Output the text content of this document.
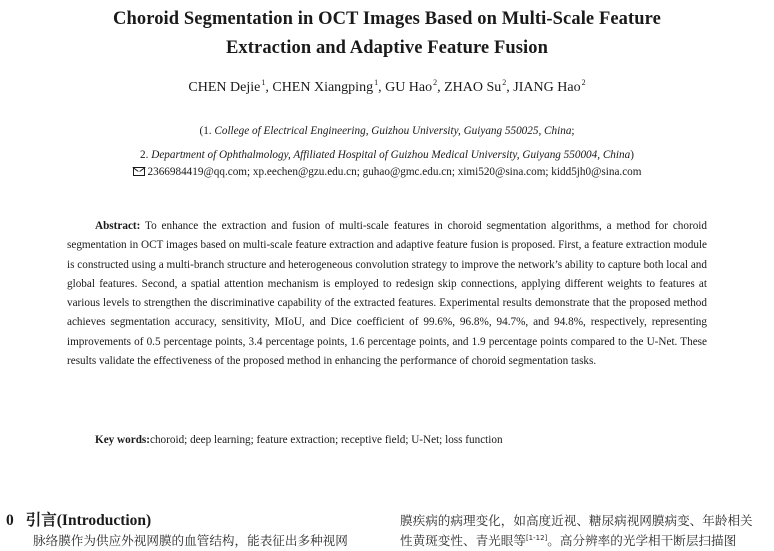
Choroid Segmentation in OCT Images Based on Multi-Scale Feature
Extraction and Adaptive Feature Fusion
CHEN Dejie$^1$, CHEN Xiangping$^1$, GU Hao$^2$, ZHAO Su$^2$, JIANG Hao$^2$
(1. College of Electrical Engineering, Guizhou University, Guiyang 550025, China;
2. Department of Ophthalmology, Affiliated Hospital of Guizhou Medical University, Guiyang 550004, China)
2366984419@qq.com; xp.eechen@gzu.edu.cn; guhao@gmc.edu.cn; ximi520@sina.com; kidd5jh0@sina.com

Abstract: To enhance the extraction and fusion of multi-scale features in choroid segmentation algorithms, a method for choroid segmentation in OCT images based on multi-scale feature extraction and adaptive feature fusion is proposed. First, a feature extraction module is constructed using a multi-branch structure and heterogeneous convolution strategy to improve the network’s ability to capture both local and global features. Second, a spatial attention mechanism is employed to redesign skip connections, applying different weights to features at various levels to strengthen the discriminative capability of the extracted features. Experimental results demonstrate that the proposed method achieves segmentation accuracy, sensitivity, MIoU, and Dice coefficient of 99.6%, 96.8%, 94.7%, and 94.8%, respectively, representing improvements of 0.5 percentage points, 3.4 percentage points, 1.6 percentage points, and 1.9 percentage points compared to the U-Net. These results validate the effectiveness of the proposed method in enhancing the performance of choroid segmentation tasks.

Key words:choroid; deep learning; feature extraction; receptive field; U-Net; loss function
0 引言(Introduction)
脉络膜作为供应外视网膜的血管结构，能表征出多种视网
膜疾病的病理变化，如高度近视、糖尿病视网膜病变、年龄相关
性黄斑变性、青光眼等[1-12]。高分辨率的光学相干断层扫描图
